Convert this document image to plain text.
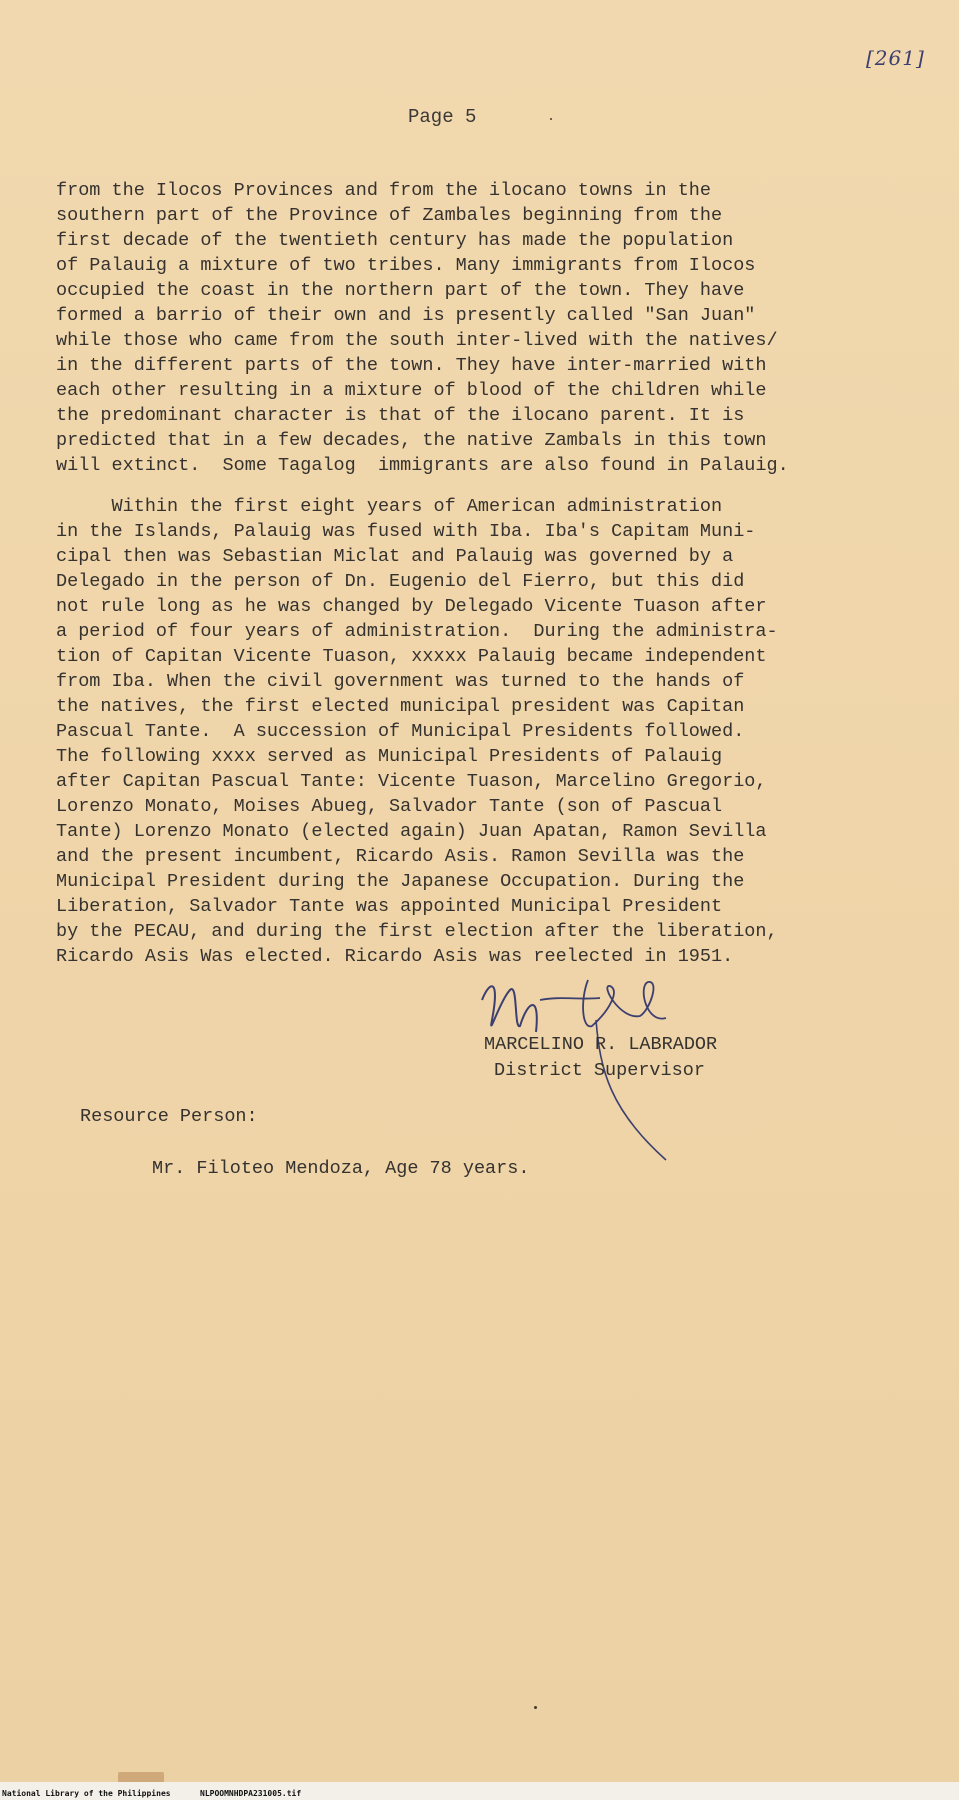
[261]
Page 5
from the Ilocos Provinces and from the ilocano towns in the
southern part of the Province of Zambales beginning from the
first decade of the twentieth century has made the population
of Palauig a mixture of two tribes. Many immigrants from Ilocos
occupied the coast in the northern part of the town. They have
formed a barrio of their own and is presently called "San Juan"
while those who came from the south inter-lived with the natives/
in the different parts of the town. They have inter-married with
each other resulting in a mixture of blood of the children while
the predominant character is that of the ilocano parent. It is
predicted that in a few decades, the native Zambals in this town
will extinct.  Some Tagalog  immigrants are also found in Palauig.
Within the first eight years of American administration
in the Islands, Palauig was fused with Iba. Iba's Capitam Muni-
cipal then was Sebastian Miclat and Palauig was governed by a
Delegado in the person of Dn. Eugenio del Fierro, but this did
not rule long as he was changed by Delegado Vicente Tuason after
a period of four years of administration.  During the administra-
tion of Capitan Vicente Tuason, xxxxx Palauig became independent
from Iba. When the civil government was turned to the hands of
the natives, the first elected municipal president was Capitan
Pascual Tante.  A succession of Municipal Presidents followed.
The following xxxx served as Municipal Presidents of Palauig
after Capitan Pascual Tante: Vicente Tuason, Marcelino Gregorio,
Lorenzo Monato, Moises Abueg, Salvador Tante (son of Pascual
Tante) Lorenzo Monato (elected again) Juan Apatan, Ramon Sevilla
and the present incumbent, Ricardo Asis. Ramon Sevilla was the
Municipal President during the Japanese Occupation. During the
Liberation, Salvador Tante was appointed Municipal President
by the PECAU, and during the first election after the liberation,
Ricardo Asis Was elected. Ricardo Asis was reelected in 1951.
MARCELINO R. LABRADOR
District Supervisor
Resource Person:
Mr. Filoteo Mendoza, Age 78 years.
National Library of the Philippines	NLPOOMNHDPA231005.tif
